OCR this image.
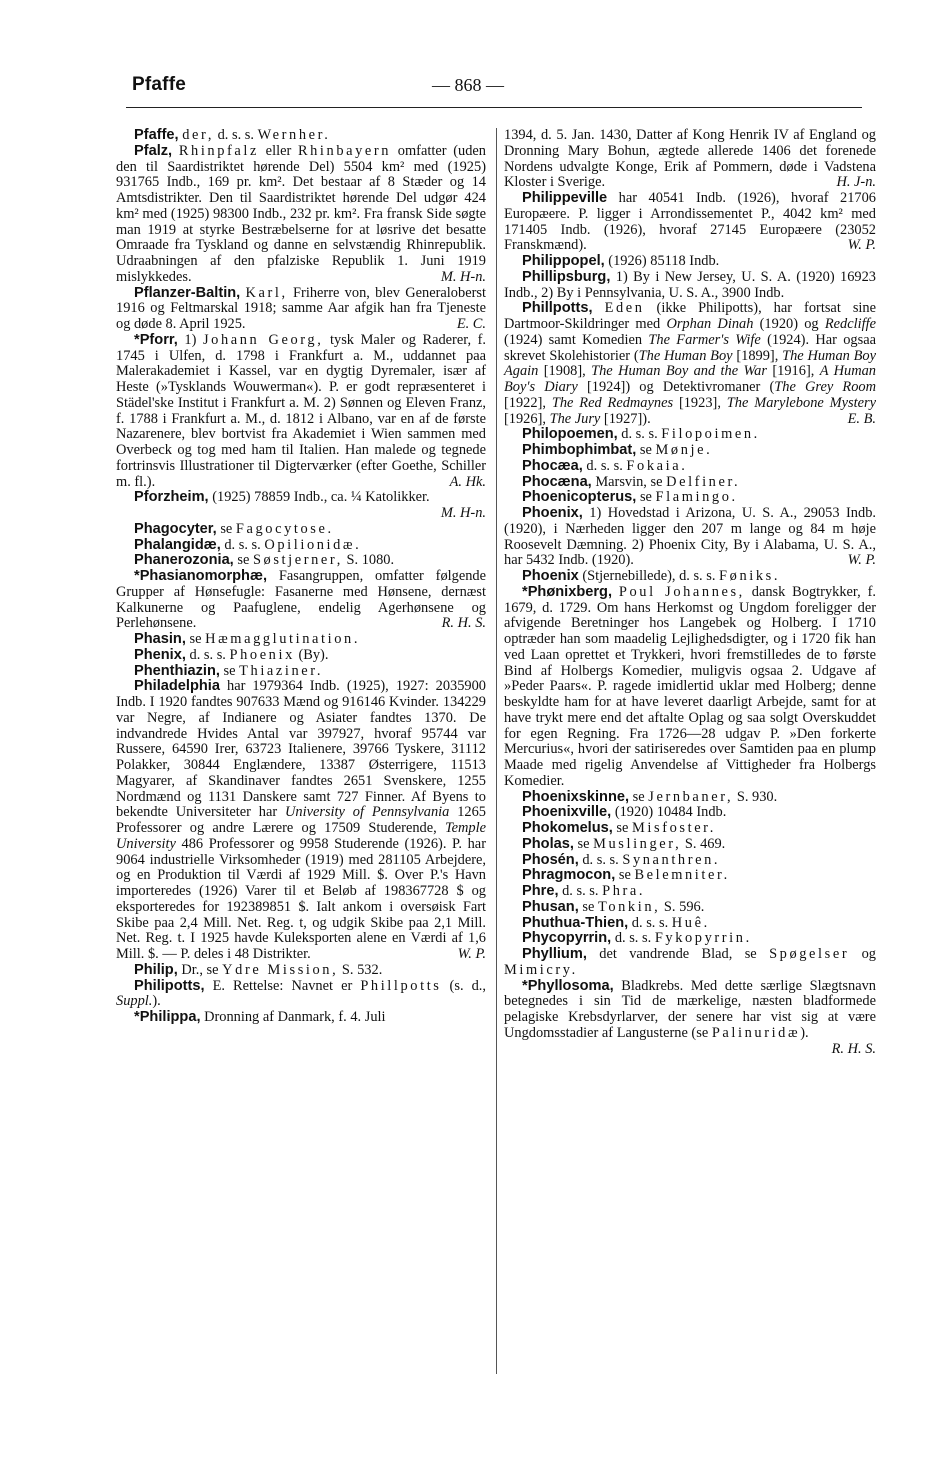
Pfaffe	— 868 —

Pfaffe, der, d. s. s. Wernher.

Pfalz, Rhinpfalz eller Rhinbayern omfatter (uden den til Saardistriktet hørende Del) 5504 km² med (1925) 931765 Indb., 169 pr. km². Det bestaar af 8 Stæder og 14 Amtsdistrikter. Den til Saardistriktet hørende Del udgør 424 km² med (1925) 98300 Indb., 232 pr. km². Fra fransk Side søgte man 1919 at styrke Bestræbelserne for at løsrive det besatte Omraade fra Tyskland og danne en selvstændig Rhinrepublik. Udraabningen af den pfalziske Republik 1. Juni 1919 mislykkedes.	M. H-n.

Pflanzer-Baltin, Karl, Friherre von, blev Generaloberst 1916 og Feltmarskal 1918; samme Aar afgik han fra Tjeneste og døde 8. April 1925.	E. C.

*Pforr, 1) Johann Georg, tysk Maler og Raderer, f. 1745 i Ulfen, d. 1798 i Frankfurt a. M., uddannet paa Malerakademiet i Kassel, var en dygtig Dyremaler, især af Heste (»Tysklands Wouwerman«). P. er godt repræsenteret i Städel'ske Institut i Frankfurt a. M. 2) Sønnen og Eleven Franz, f. 1788 i Frankfurt a. M., d. 1812 i Albano, var en af de første Nazarenere, blev bortvist fra Akademiet i Wien sammen med Overbeck og tog med ham til Italien. Han malede og tegnede fortrinsvis Illustrationer til Digterværker (efter Goethe, Schiller m. fl.).	A. Hk.

Pforzheim, (1925) 78859 Indb., ca. ¼ Katolikker.
M. H-n.

Phagocyter, se Fagocytose.

Phalangidæ, d. s. s. Opilionidæ.

Phanerozonia, se Søstjerner, S. 1080.

*Phasianomorphæ, Fasangruppen, omfatter følgende Grupper af Hønsefugle: Fasanerne med Hønsene, dernæst Kalkunerne og Paafuglene, endelig Agerhønsene og Perlehønsene.	R. H. S.

Phasin, se Hæmagglutination.

Phenix, d. s. s. Phoenix (By).

Phenthiazin, se Thiaziner.

Philadelphia har 1979364 Indb. (1925), 1927: 2035900 Indb. I 1920 fandtes 907633 Mænd og 916146 Kvinder. 134229 var Negre, af Indianere og Asiater fandtes 1370. De indvandrede Hvides Antal var 397927, hvoraf 95744 var Russere, 64590 Irer, 63723 Italienere, 39766 Tyskere, 31112 Polakker, 30844 Englændere, 13387 Østerrigere, 11513 Magyarer, af Skandinaver fandtes 2651 Svenskere, 1255 Nordmænd og 1131 Danskere samt 727 Finner. Af Byens to bekendte Universiteter har University of Pennsylvania 1265 Professorer og andre Lærere og 17509 Studerende, Temple University 486 Professorer og 9958 Studerende (1926). P. har 9064 industrielle Virksomheder (1919) med 281105 Arbejdere, og en Produktion til Værdi af 1929 Mill. $. Over P.'s Havn importeredes (1926) Varer til et Beløb af 198367728 $ og eksporteredes for 192389851 $. Ialt ankom i oversøisk Fart Skibe paa 2,4 Mill. Net. Reg. t, og udgik Skibe paa 2,1 Mill. Net. Reg. t. I 1925 havde Kuleksporten alene en Værdi af 1,6 Mill. $. — P. deles i 48 Distrikter.	W. P.

Philip, Dr., se Ydre Mission, S. 532.

Philipotts, E. Rettelse: Navnet er Phillpotts (s. d., Suppl.).

*Philippa, Dronning af Danmark, f. 4. Juli

1394, d. 5. Jan. 1430, Datter af Kong Henrik IV af England og Dronning Mary Bohun, ægtede allerede 1406 det forenede Nordens udvalgte Konge, Erik af Pommern, døde i Vadstena Kloster i Sverige.	H. J-n.

Philippeville har 40541 Indb. (1926), hvoraf 21706 Europæere. P. ligger i Arrondissementet P., 4042 km² med 171405 Indb. (1926), hvoraf 27145 Europæere (23052 Franskmænd).	W. P.

Philippopel, (1926) 85118 Indb.

Phillipsburg, 1) By i New Jersey, U. S. A. (1920) 16923 Indb., 2) By i Pennsylvania, U. S. A., 3900 Indb.

Phillpotts, Eden (ikke Philipotts), har fortsat sine Dartmoor-Skildringer med Orphan Dinah (1920) og Redcliffe (1924) samt Komedien The Farmer's Wife (1924). Har ogsaa skrevet Skolehistorier (The Human Boy [1899], The Human Boy Again [1908], The Human Boy and the War [1916], A Human Boy's Diary [1924]) og Detektivromaner (The Grey Room [1922], The Red Redmaynes [1923], The Marylebone Mystery [1926], The Jury [1927]).	E. B.

Philopoemen, d. s. s. Filopoimen.

Phimbophimbat, se Mønje.

Phocæa, d. s. s. Fokaia.

Phocæna, Marsvin, se Delfiner.

Phoenicopterus, se Flamingo.

Phoenix, 1) Hovedstad i Arizona, U. S. A., 29053 Indb. (1920), i Nærheden ligger den 207 m lange og 84 m høje Roosevelt Dæmning. 2) Phoenix City, By i Alabama, U. S. A., har 5432 Indb. (1920).	W. P.

Phoenix (Stjernebillede), d. s. s. Føniks.

*Phønixberg, Poul Johannes, dansk Bogtrykker, f. 1679, d. 1729. Om hans Herkomst og Ungdom foreligger der afvigende Beretninger hos Langebek og Holberg. I 1710 optræder han som maadelig Lejlighedsdigter, og i 1720 fik han ved Laan oprettet et Trykkeri, hvori fremstilledes de to første Bind af Holbergs Komedier, muligvis ogsaa 2. Udgave af »Peder Paars«. P. ragede imidlertid uklar med Holberg; denne beskyldte ham for at have leveret daarligt Arbejde, samt for at have trykt mere end det aftalte Oplag og saa solgt Overskuddet for egen Regning. Fra 1726—28 udgav P. »Den forkerte Mercurius«, hvori der satiriseredes over Samtiden paa en plump Maade med rigelig Anvendelse af Vittigheder fra Holbergs Komedier.

Phoenixskinne, se Jernbaner, S. 930.

Phoenixville, (1920) 10484 Indb.

Phokomelus, se Misfoster.

Pholas, se Muslinger, S. 469.

Phosén, d. s. s. Synanthren.

Phragmocon, se Belemniter.

Phre, d. s. s. Phra.

Phusan, se Tonkin, S. 596.

Phuthua-Thien, d. s. s. Huê.

Phycopyrrin, d. s. s. Fykopyrrin.

Phyllium, det vandrende Blad, se Spøgelser og Mimicry.

*Phyllosoma, Bladkrebs. Med dette særlige Slægtsnavn betegnedes i sin Tid de mærkelige, næsten bladformede pelagiske Krebsdyrlarver, der senere har vist sig at være Ungdomsstadier af Langusterne (se Palinuridæ).
R. H. S.
